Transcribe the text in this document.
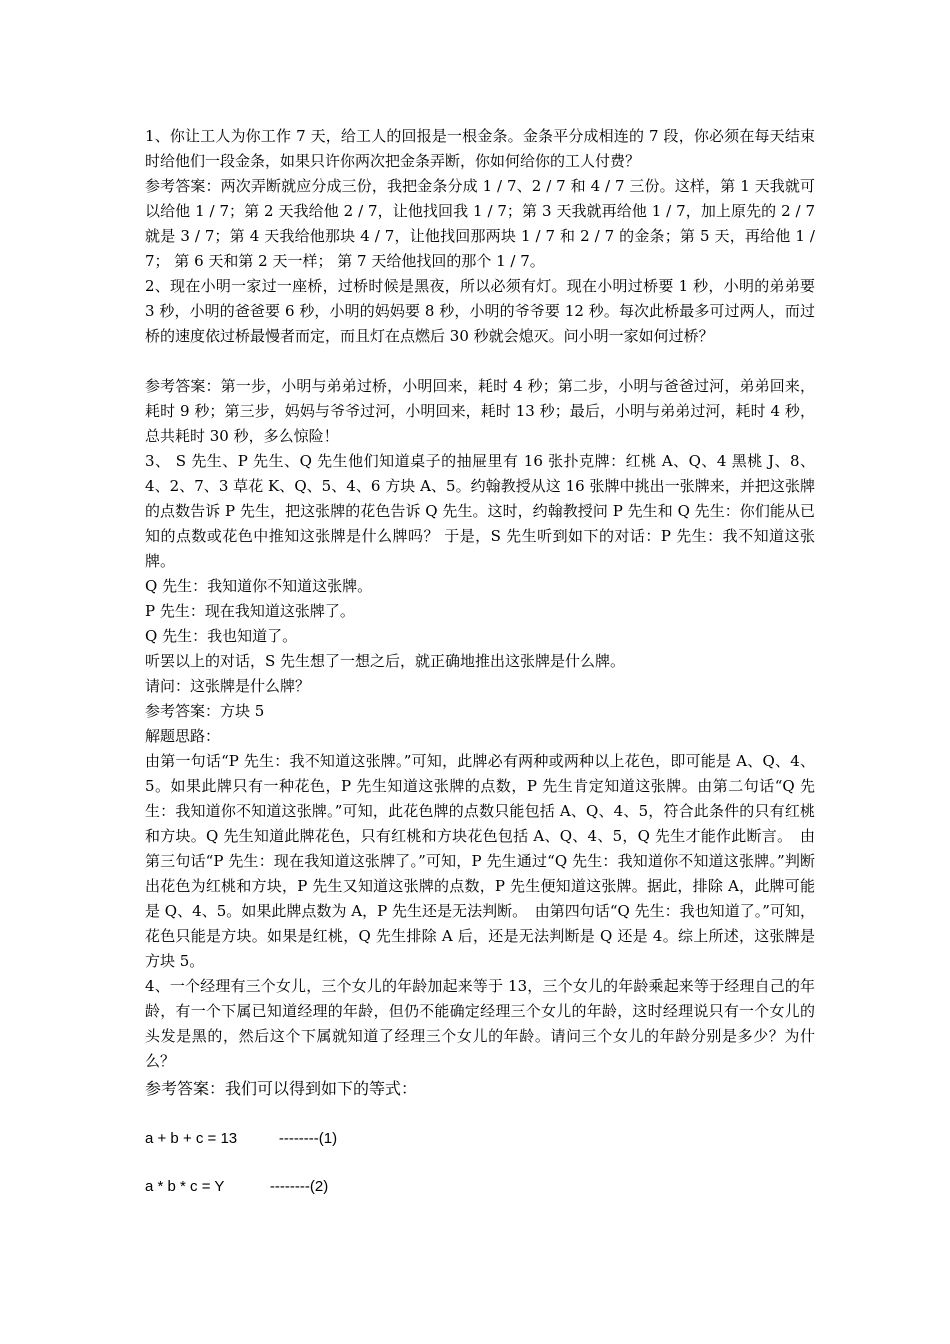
1、你让工人为你工作 7 天，给工人的回报是一根金条。金条平分成相连的 7 段，你必须在每天结束时给他们一段金条，如果只许你两次把金条弄断，你如何给你的工人付费？

参考答案：两次弄断就应分成三份，我把金条分成 1 / 7、2 / 7 和 4 / 7 三份。这样，第 1 天我就可以给他 1 / 7；第 2 天我给他 2 / 7，让他找回我 1 / 7；第 3 天我就再给他 1 / 7，加上原先的 2 / 7 就是 3 / 7；第 4 天我给他那块 4 / 7，让他找回那两块 1 / 7 和 2 / 7 的金条；第 5 天，再给他 1 / 7； 第 6 天和第 2 天一样； 第 7 天给他找回的那个 1 / 7。

2、现在小明一家过一座桥，过桥时候是黑夜，所以必须有灯。现在小明过桥要 1 秒，小明的弟弟要 3 秒，小明的爸爸要 6 秒，小明的妈妈要 8 秒，小明的爷爷要 12 秒。每次此桥最多可过两人，而过桥的速度依过桥最慢者而定，而且灯在点燃后 30 秒就会熄灭。问小明一家如何过桥？

参考答案：第一步，小明与弟弟过桥，小明回来，耗时 4 秒；第二步，小明与爸爸过河，弟弟回来，耗时 9 秒；第三步，妈妈与爷爷过河，小明回来，耗时 13 秒；最后，小明与弟弟过河，耗时 4 秒，总共耗时 30 秒，多么惊险！

3、 S 先生、P 先生、Q 先生他们知道桌子的抽屉里有 16 张扑克牌：红桃 A、Q、4 黑桃 J、8、4、2、7、3 草花 K、Q、5、4、6 方块 A、5。约翰教授从这 16 张牌中挑出一张牌来，并把这张牌的点数告诉 P 先生，把这张牌的花色告诉 Q 先生。这时，约翰教授问 P 先生和 Q 先生：你们能从已知的点数或花色中推知这张牌是什么牌吗？ 于是，S 先生听到如下的对话：P 先生：我不知道这张牌。

Q 先生：我知道你不知道这张牌。

P 先生：现在我知道这张牌了。

Q 先生：我也知道了。

听罢以上的对话，S 先生想了一想之后，就正确地推出这张牌是什么牌。

请问：这张牌是什么牌？

参考答案：方块 5

解题思路：

由第一句话“P 先生：我不知道这张牌。”可知，此牌必有两种或两种以上花色，即可能是 A、Q、4、5。如果此牌只有一种花色，P 先生知道这张牌的点数，P 先生肯定知道这张牌。由第二句话“Q 先生：我知道你不知道这张牌。”可知，此花色牌的点数只能包括 A、Q、4、5，符合此条件的只有红桃和方块。Q 先生知道此牌花色，只有红桃和方块花色包括 A、Q、4、5，Q 先生才能作此断言。　由第三句话“P 先生：现在我知道这张牌了。”可知，P 先生通过“Q 先生：我知道你不知道这张牌。”判断出花色为红桃和方块，P 先生又知道这张牌的点数，P 先生便知道这张牌。据此，排除 A，此牌可能是 Q、4、5。如果此牌点数为 A，P 先生还是无法判断。　由第四句话“Q 先生：我也知道了。”可知，花色只能是方块。如果是红桃，Q 先生排除 A 后，还是无法判断是 Q 还是 4。综上所述，这张牌是方块 5。

4、一个经理有三个女儿，三个女儿的年龄加起来等于 13，三个女儿的年龄乘起来等于经理自己的年龄，有一个下属已知道经理的年龄，但仍不能确定经理三个女儿的年龄，这时经理说只有一个女儿的头发是黑的，然后这个下属就知道了经理三个女儿的年龄。请问三个女儿的年龄分别是多少？为什么？

参考答案：我们可以得到如下的等式：

a + b + c = 13          --------(1)

a * b * c = Y           --------(2)
